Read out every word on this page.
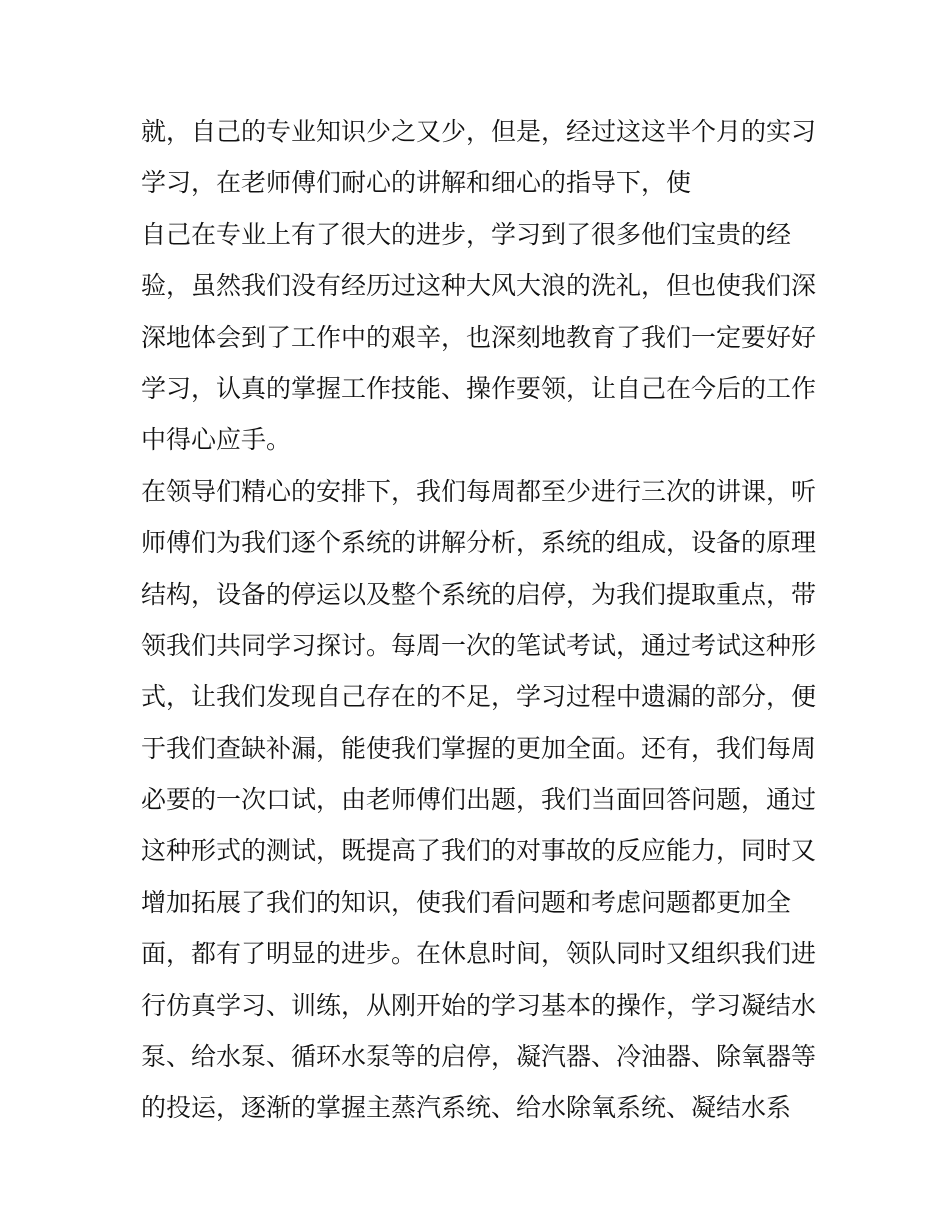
就，自己的专业知识少之又少，但是，经过这这半个月的实习
学习，在老师傅们耐心的讲解和细心的指导下，使
自己在专业上有了很大的进步，学习到了很多他们宝贵的经
验，虽然我们没有经历过这种大风大浪的洗礼，但也使我们深
深地体会到了工作中的艰辛，也深刻地教育了我们一定要好好
学习，认真的掌握工作技能、操作要领，让自己在今后的工作
中得心应手。
在领导们精心的安排下，我们每周都至少进行三次的讲课，听
师傅们为我们逐个系统的讲解分析，系统的组成，设备的原理
结构，设备的停运以及整个系统的启停，为我们提取重点，带
领我们共同学习探讨。每周一次的笔试考试，通过考试这种形
式，让我们发现自己存在的不足，学习过程中遗漏的部分，便
于我们查缺补漏，能使我们掌握的更加全面。还有，我们每周
必要的一次口试，由老师傅们出题，我们当面回答问题，通过
这种形式的测试，既提高了我们的对事故的反应能力，同时又
增加拓展了我们的知识，使我们看问题和考虑问题都更加全
面，都有了明显的进步。在休息时间，领队同时又组织我们进
行仿真学习、训练，从刚开始的学习基本的操作，学习凝结水
泵、给水泵、循环水泵等的启停，凝汽器、冷油器、除氧器等
的投运，逐渐的掌握主蒸汽系统、给水除氧系统、凝结水系
